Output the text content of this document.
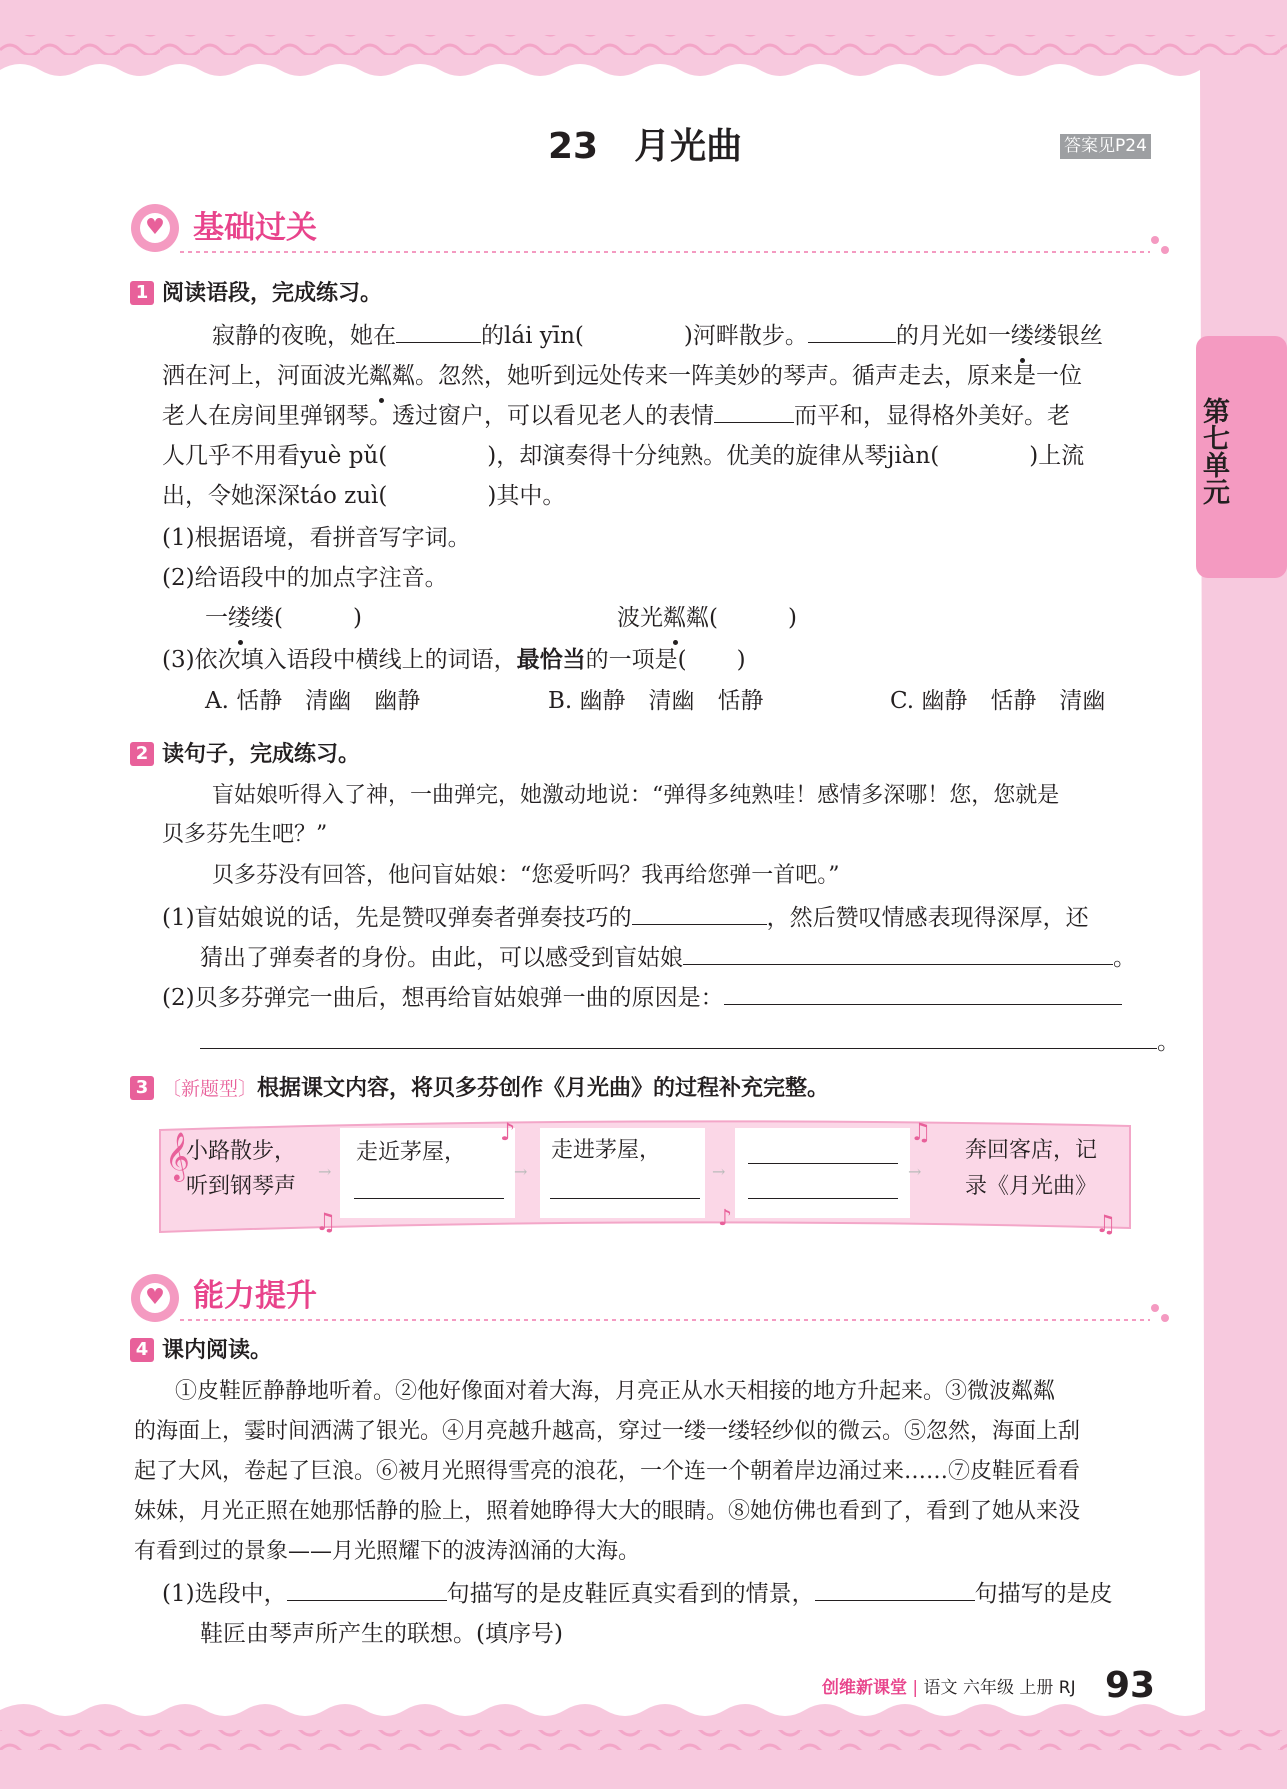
𝄞	♪	♫
♫	♪	♫
23　月光曲	答案见P24
第七单元
♥ 基础过关
1 阅读语段，完成练习。
寂静的夜晚，她在	的lái yīn(	)河畔散步。	的月光如一缕缕银丝
洒在河上，河面波光粼粼。忽然，她听到远处传来一阵美妙的琴声。循声走去，原来是一位
老人在房间里弹钢琴。透过窗户，可以看见老人的表情	而平和，显得格外美好。老
人几乎不用看yuè pǔ(	)，却演奏得十分纯熟。优美的旋律从琴jiàn(	)上流
出，令她深深táo zuì(	)其中。
(1)根据语境，看拼音写字词。
(2)给语段中的加点字注音。
一缕缕(	)	波光粼粼(	)
(3)依次填入语段中横线上的词语，最恰当的一项是( )
A. 恬静　清幽　幽静	B. 幽静　清幽　恬静	C. 幽静　恬静　清幽
2 读句子，完成练习。
盲姑娘听得入了神，一曲弹完，她激动地说：“弹得多纯熟哇！感情多深哪！您，您就是
贝多芬先生吧？”
贝多芬没有回答，他问盲姑娘：“您爱听吗？我再给您弹一首吧。”
(1)盲姑娘说的话，先是赞叹弹奏者弹奏技巧的	，然后赞叹情感表现得深厚，还
猜出了弹奏者的身份。由此，可以感受到盲姑娘	。
(2)贝多芬弹完一曲后，想再给盲姑娘弹一曲的原因是：
。
3 〔新题型〕根据课文内容，将贝多芬创作《月光曲》的过程补充完整。
小路散步，
听到钢琴声
→
走近茅屋，
→
走进茅屋，
→	→
奔回客店，记
录《月光曲》
♥ 能力提升
4 课内阅读。
①皮鞋匠静静地听着。②他好像面对着大海，月亮正从水天相接的地方升起来。③微波粼粼
的海面上，霎时间洒满了银光。④月亮越升越高，穿过一缕一缕轻纱似的微云。⑤忽然，海面上刮
起了大风，卷起了巨浪。⑥被月光照得雪亮的浪花，一个连一个朝着岸边涌过来……⑦皮鞋匠看看
妹妹，月光正照在她那恬静的脸上，照着她睁得大大的眼睛。⑧她仿佛也看到了，看到了她从来没
有看到过的景象——月光照耀下的波涛汹涌的大海。
(1)选段中，	句描写的是皮鞋匠真实看到的情景，	句描写的是皮
鞋匠由琴声所产生的联想。(填序号)
创维新课堂 | 语文 六年级 上册 RJ 93
